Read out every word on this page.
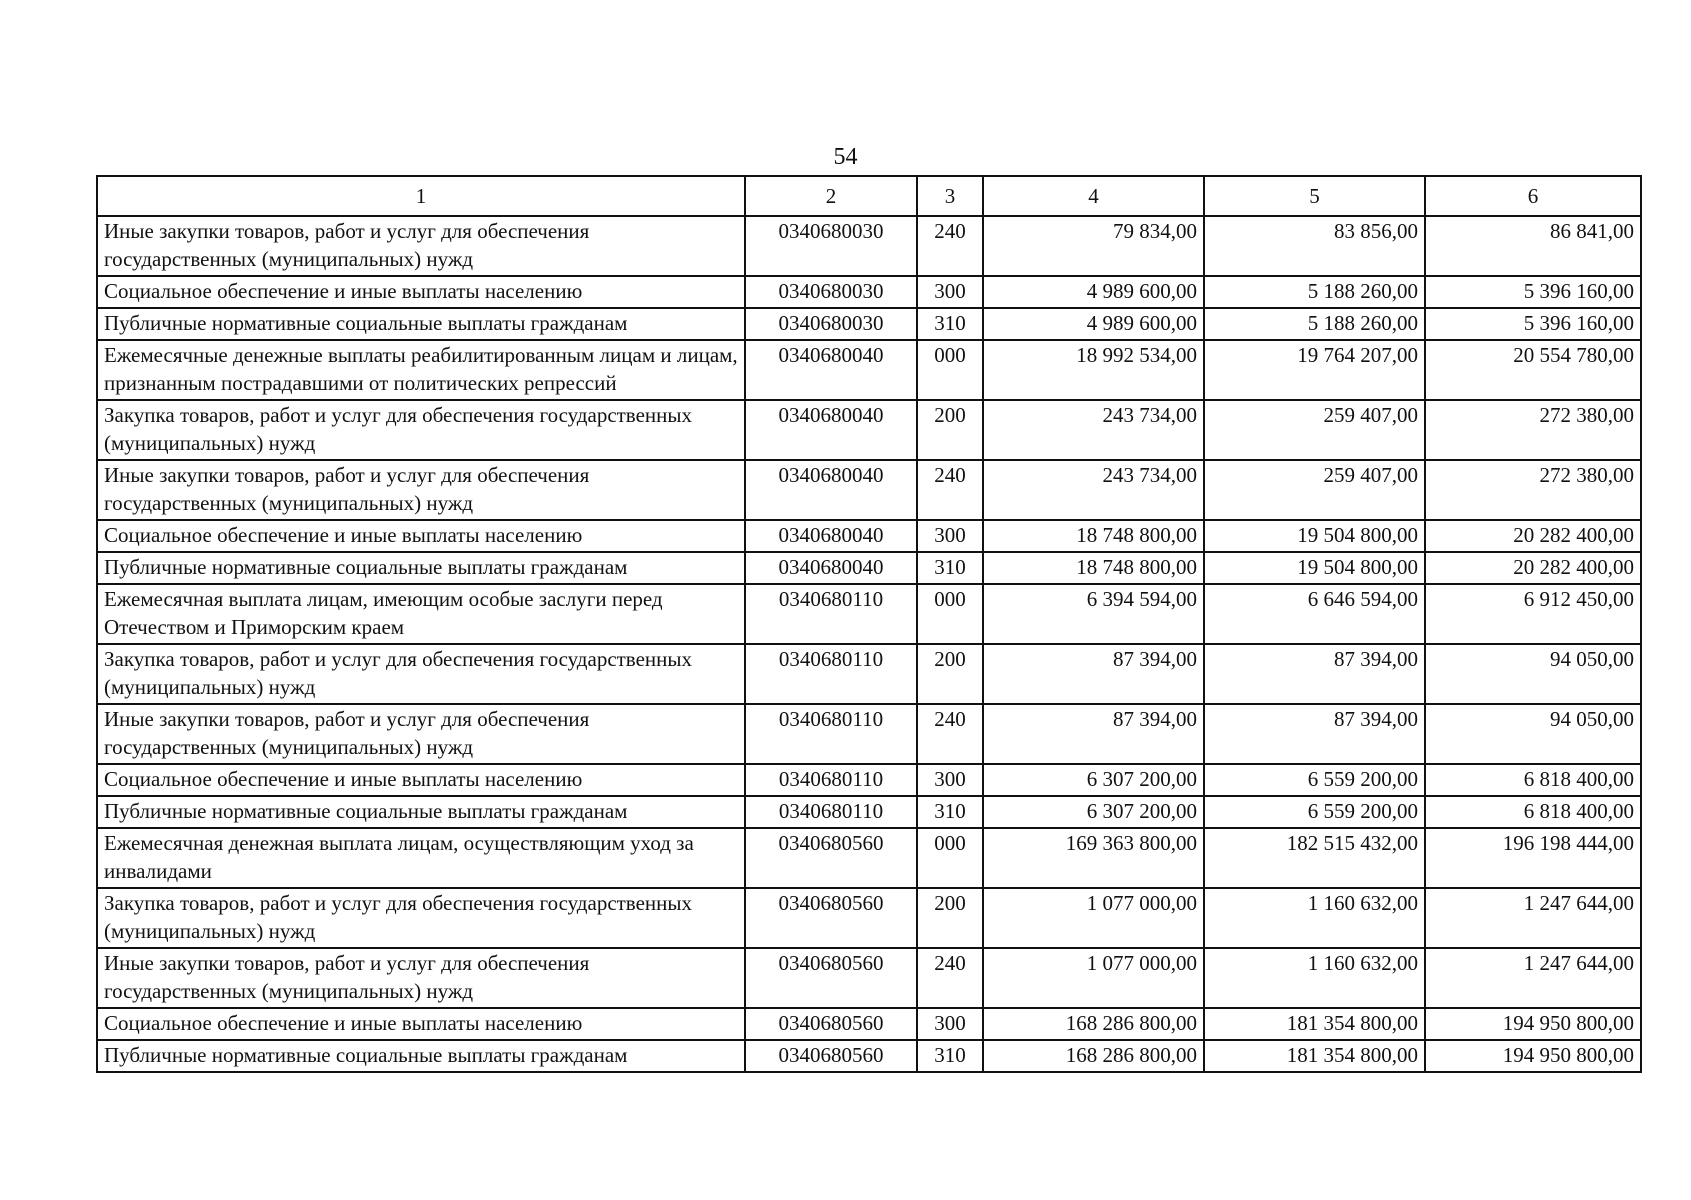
54
1	2	3	4	5	6
Иные закупки товаров, работ и услуг для обеспечения государственных (муниципальных) нужд	0340680030	240	79 834,00	83 856,00	86 841,00
Социальное обеспечение и иные выплаты населению	0340680030	300	4 989 600,00	5 188 260,00	5 396 160,00
Публичные нормативные социальные выплаты гражданам	0340680030	310	4 989 600,00	5 188 260,00	5 396 160,00
Ежемесячные денежные выплаты реабилитированным лицам и лицам, признанным пострадавшими от политических репрессий	0340680040	000	18 992 534,00	19 764 207,00	20 554 780,00
Закупка товаров, работ и услуг для обеспечения государственных (муниципальных) нужд	0340680040	200	243 734,00	259 407,00	272 380,00
Иные закупки товаров, работ и услуг для обеспечения государственных (муниципальных) нужд	0340680040	240	243 734,00	259 407,00	272 380,00
Социальное обеспечение и иные выплаты населению	0340680040	300	18 748 800,00	19 504 800,00	20 282 400,00
Публичные нормативные социальные выплаты гражданам	0340680040	310	18 748 800,00	19 504 800,00	20 282 400,00
Ежемесячная выплата лицам, имеющим особые заслуги перед Отечеством и Приморским краем	0340680110	000	6 394 594,00	6 646 594,00	6 912 450,00
Закупка товаров, работ и услуг для обеспечения государственных (муниципальных) нужд	0340680110	200	87 394,00	87 394,00	94 050,00
Иные закупки товаров, работ и услуг для обеспечения государственных (муниципальных) нужд	0340680110	240	87 394,00	87 394,00	94 050,00
Социальное обеспечение и иные выплаты населению	0340680110	300	6 307 200,00	6 559 200,00	6 818 400,00
Публичные нормативные социальные выплаты гражданам	0340680110	310	6 307 200,00	6 559 200,00	6 818 400,00
Ежемесячная денежная выплата лицам, осуществляющим уход за инвалидами	0340680560	000	169 363 800,00	182 515 432,00	196 198 444,00
Закупка товаров, работ и услуг для обеспечения государственных (муниципальных) нужд	0340680560	200	1 077 000,00	1 160 632,00	1 247 644,00
Иные закупки товаров, работ и услуг для обеспечения государственных (муниципальных) нужд	0340680560	240	1 077 000,00	1 160 632,00	1 247 644,00
Социальное обеспечение и иные выплаты населению	0340680560	300	168 286 800,00	181 354 800,00	194 950 800,00
Публичные нормативные социальные выплаты гражданам	0340680560	310	168 286 800,00	181 354 800,00	194 950 800,00
